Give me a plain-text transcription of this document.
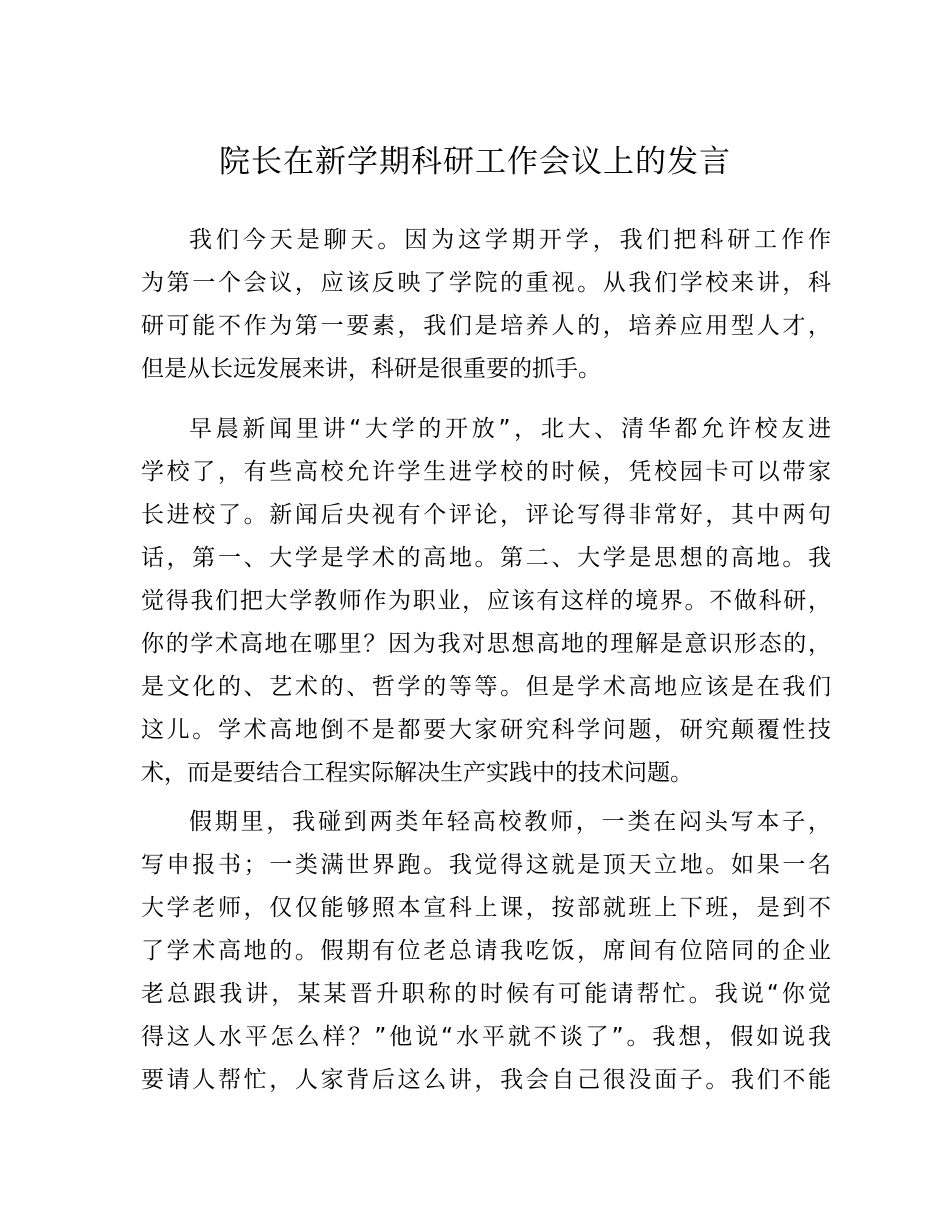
院长在新学期科研工作会议上的发言
我们今天是聊天。因为这学期开学，我们把科研工作作
为第一个会议，应该反映了学院的重视。从我们学校来讲，科
研可能不作为第一要素，我们是培养人的，培养应用型人才，
但是从长远发展来讲，科研是很重要的抓手。
早晨新闻里讲“大学的开放”，北大、清华都允许校友进
学校了，有些高校允许学生进学校的时候，凭校园卡可以带家
长进校了。新闻后央视有个评论，评论写得非常好，其中两句
话，第一、大学是学术的高地。第二、大学是思想的高地。我
觉得我们把大学教师作为职业，应该有这样的境界。不做科研，
你的学术高地在哪里？因为我对思想高地的理解是意识形态的，
是文化的、艺术的、哲学的等等。但是学术高地应该是在我们
这儿。学术高地倒不是都要大家研究科学问题，研究颠覆性技
术，而是要结合工程实际解决生产实践中的技术问题。
假期里，我碰到两类年轻高校教师，一类在闷头写本子，
写申报书；一类满世界跑。我觉得这就是顶天立地。如果一名
大学老师，仅仅能够照本宣科上课，按部就班上下班，是到不
了学术高地的。假期有位老总请我吃饭，席间有位陪同的企业
老总跟我讲，某某晋升职称的时候有可能请帮忙。我说“你觉
得这人水平怎么样？”他说“水平就不谈了”。我想，假如说我
要请人帮忙，人家背后这么讲，我会自己很没面子。我们不能
